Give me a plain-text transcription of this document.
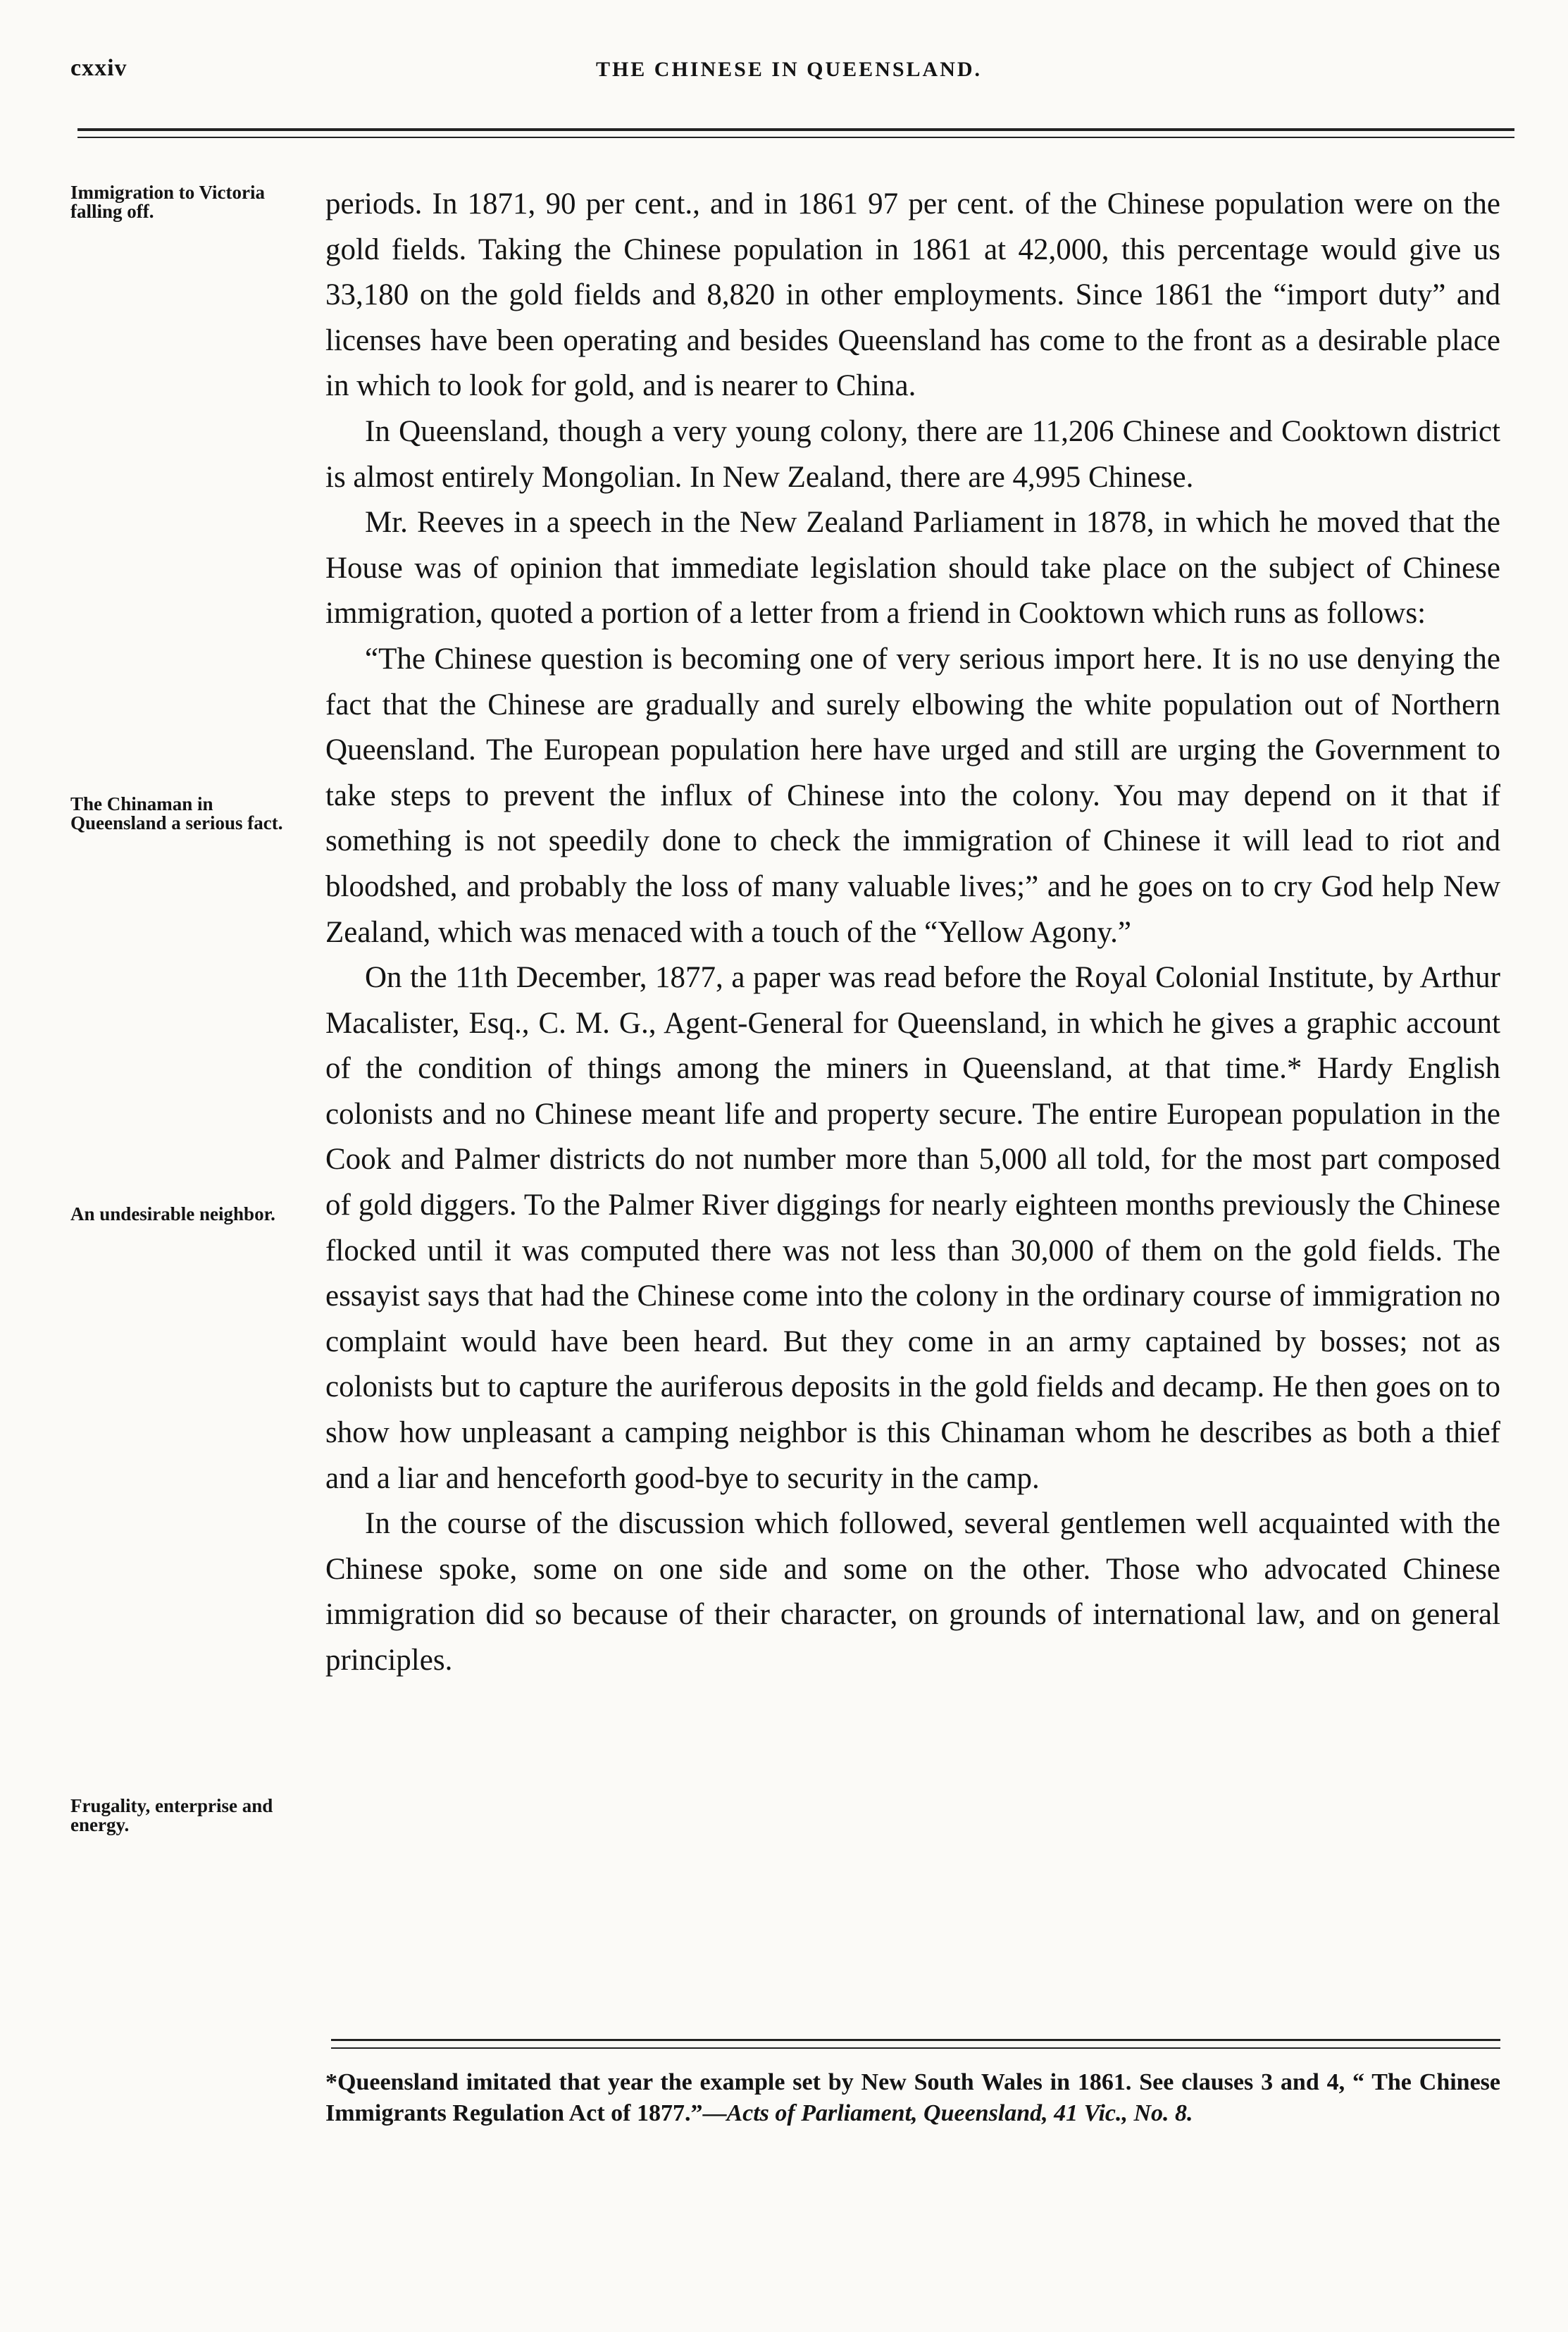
cxxiv	THE CHINESE IN QUEENSLAND.
Immigration to Victoria falling off.
The Chinaman in Queensland a serious fact.
An undesirable neighbor.
Frugality, enterprise and energy.

periods. In 1871, 90 per cent., and in 1861 97 per cent. of the Chinese population were on the gold fields. Taking the Chinese population in 1861 at 42,000, this percentage would give us 33,180 on the gold fields and 8,820 in other employments. Since 1861 the “import duty” and licenses have been operating and besides Queensland has come to the front as a desirable place in which to look for gold, and is nearer to China.

In Queensland, though a very young colony, there are 11,206 Chinese and Cooktown district is almost entirely Mongolian. In New Zealand, there are 4,995 Chinese.

Mr. Reeves in a speech in the New Zealand Parliament in 1878, in which he moved that the House was of opinion that immediate legislation should take place on the subject of Chinese immigration, quoted a portion of a letter from a friend in Cooktown which runs as follows:

“The Chinese question is becoming one of very serious import here. It is no use denying the fact that the Chinese are gradually and surely elbowing the white population out of Northern Queensland. The European population here have urged and still are urging the Government to take steps to prevent the influx of Chinese into the colony. You may depend on it that if something is not speedily done to check the immigration of Chinese it will lead to riot and bloodshed, and probably the loss of many valuable lives;” and he goes on to cry God help New Zealand, which was menaced with a touch of the “Yellow Agony.”

On the 11th December, 1877, a paper was read before the Royal Colonial Institute, by Arthur Macalister, Esq., C. M. G., Agent-General for Queensland, in which he gives a graphic account of the condition of things among the miners in Queensland, at that time.* Hardy English colonists and no Chinese meant life and property secure. The entire European population in the Cook and Palmer districts do not number more than 5,000 all told, for the most part composed of gold diggers. To the Palmer River diggings for nearly eighteen months previously the Chinese flocked until it was computed there was not less than 30,000 of them on the gold fields. The essayist says that had the Chinese come into the colony in the ordinary course of immigration no complaint would have been heard. But they come in an army captained by bosses; not as colonists but to capture the auriferous deposits in the gold fields and decamp. He then goes on to show how unpleasant a camping neighbor is this Chinaman whom he describes as both a thief and a liar and henceforth good-bye to security in the camp.

In the course of the discussion which followed, several gentlemen well acquainted with the Chinese spoke, some on one side and some on the other. Those who advocated Chinese immigration did so because of their character, on grounds of international law, and on general principles.

*Queensland imitated that year the example set by New South Wales in 1861. See clauses 3 and 4, “ The Chinese Immigrants Regulation Act of 1877.”—Acts of Parliament, Queensland, 41 Vic., No. 8.
